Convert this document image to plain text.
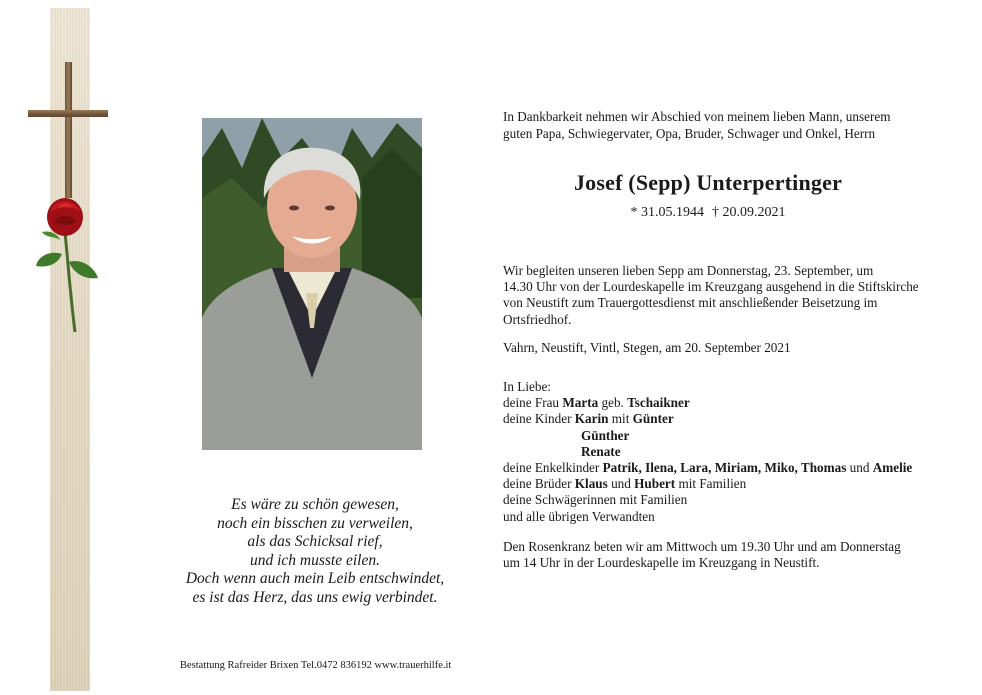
Es wäre zu schön gewesen,
noch ein bisschen zu verweilen,
als das Schicksal rief,
und ich musste eilen.
Doch wenn auch mein Leib entschwindet,
es ist das Herz, das uns ewig verbindet.
Bestattung Rafreider Brixen Tel.0472 836192 www.trauerhilfe.it
In Dankbarkeit nehmen wir Abschied von meinem lieben Mann, unserem
guten Papa, Schwiegervater, Opa, Bruder, Schwager und Onkel, Herrn
Josef (Sepp) Unterpertinger
* 31.05.1944 † 20.09.2021
Wir begleiten unseren lieben Sepp am Donnerstag, 23. September, um
14.30 Uhr von der Lourdeskapelle im Kreuzgang ausgehend in die Stiftskirche
von Neustift zum Trauergottesdienst mit anschließender Beisetzung im
Ortsfriedhof.
Vahrn, Neustift, Vintl, Stegen, am 20. September 2021
In Liebe:
deine Frau Marta geb. Tschaikner
deine Kinder Karin mit Günter
Günther
Renate
deine Enkelkinder Patrik, Ilena, Lara, Miriam, Miko, Thomas und Amelie
deine Brüder Klaus und Hubert mit Familien
deine Schwägerinnen mit Familien
und alle übrigen Verwandten
Den Rosenkranz beten wir am Mittwoch um 19.30 Uhr und am Donnerstag
um 14 Uhr in der Lourdeskapelle im Kreuzgang in Neustift.
